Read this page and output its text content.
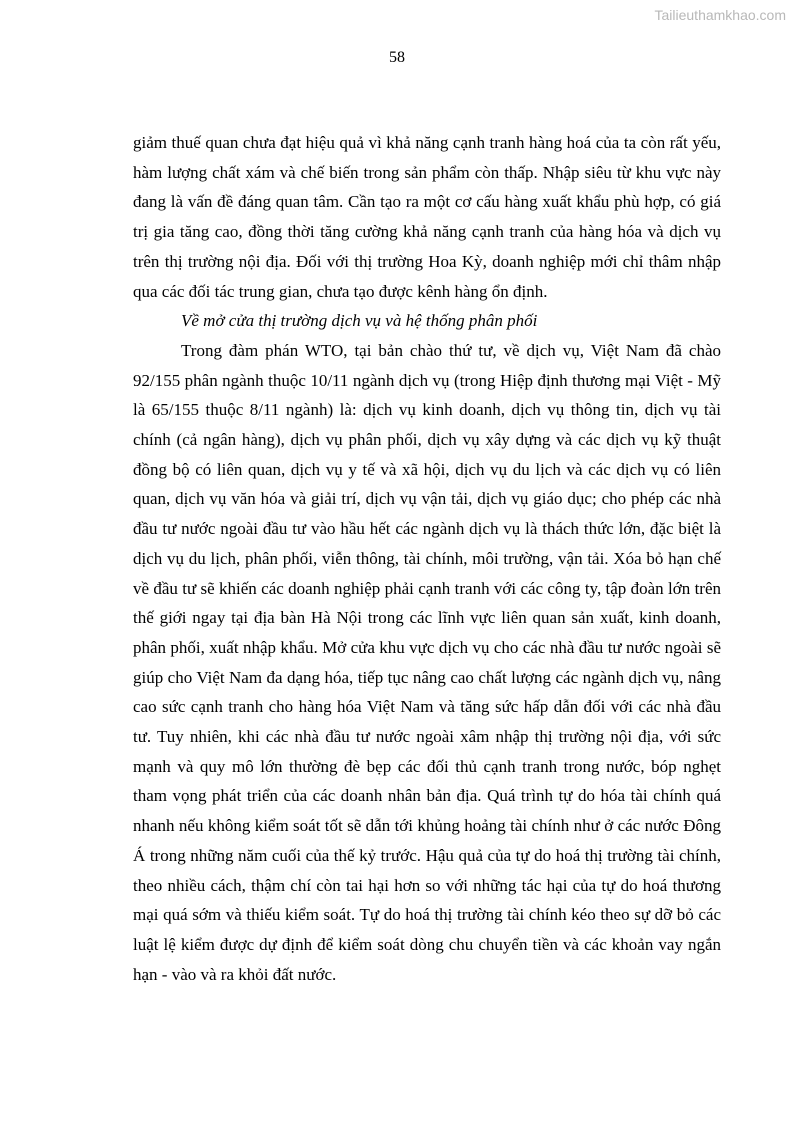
Tailieuthamkhao.com
58

giảm thuế quan chưa đạt hiệu quả vì khả năng cạnh tranh hàng hoá của ta còn rất yếu, hàm lượng chất xám và chế biến trong sản phẩm còn thấp. Nhập siêu từ khu vực này đang là vấn đề đáng quan tâm. Cần tạo ra một cơ cấu hàng xuất khẩu phù hợp, có giá trị gia tăng cao, đồng thời tăng cường khả năng cạnh tranh của hàng hóa và dịch vụ trên thị trường nội địa. Đối với thị trường Hoa Kỳ, doanh nghiệp mới chỉ thâm nhập qua các đối tác trung gian, chưa tạo được kênh hàng ổn định.

Về mở cửa thị trường dịch vụ và hệ thống phân phối

Trong đàm phán WTO, tại bản chào thứ tư, về dịch vụ, Việt Nam đã chào 92/155 phân ngành thuộc 10/11 ngành dịch vụ (trong Hiệp định thương mại Việt - Mỹ là 65/155 thuộc 8/11 ngành) là: dịch vụ kinh doanh, dịch vụ thông tin, dịch vụ tài chính (cả ngân hàng), dịch vụ phân phối, dịch vụ xây dựng và các dịch vụ kỹ thuật đồng bộ có liên quan, dịch vụ y tế và xã hội, dịch vụ du lịch và các dịch vụ có liên quan, dịch vụ văn hóa và giải trí, dịch vụ vận tải, dịch vụ giáo dục; cho phép các nhà đầu tư nước ngoài đầu tư vào hầu hết các ngành dịch vụ là thách thức lớn, đặc biệt là dịch vụ du lịch, phân phối, viễn thông, tài chính, môi trường, vận tải. Xóa bỏ hạn chế về đầu tư sẽ khiến các doanh nghiệp phải cạnh tranh với các công ty, tập đoàn lớn trên thế giới ngay tại địa bàn Hà Nội trong các lĩnh vực liên quan sản xuất, kinh doanh, phân phối, xuất nhập khẩu. Mở cửa khu vực dịch vụ cho các nhà đầu tư nước ngoài sẽ giúp cho Việt Nam đa dạng hóa, tiếp tục nâng cao chất lượng các ngành dịch vụ, nâng cao sức cạnh tranh cho hàng hóa Việt Nam và tăng sức hấp dẫn đối với các nhà đầu tư. Tuy nhiên, khi các nhà đầu tư nước ngoài xâm nhập thị trường nội địa, với sức mạnh và quy mô lớn thường đè bẹp các đối thủ cạnh tranh trong nước, bóp nghẹt tham vọng phát triển của các doanh nhân bản địa. Quá trình tự do hóa tài chính quá nhanh nếu không kiểm soát tốt sẽ dẫn tới khủng hoảng tài chính như ở các nước Đông Á trong những năm cuối của thế kỷ trước. Hậu quả của tự do hoá thị trường tài chính, theo nhiều cách, thậm chí còn tai hại hơn so với những tác hại của tự do hoá thương mại quá sớm và thiếu kiểm soát. Tự do hoá thị trường tài chính kéo theo sự dỡ bỏ các luật lệ kiểm được dự định để kiểm soát dòng chu chuyển tiền và các khoản vay ngắn hạn - vào và ra khỏi đất nước.
